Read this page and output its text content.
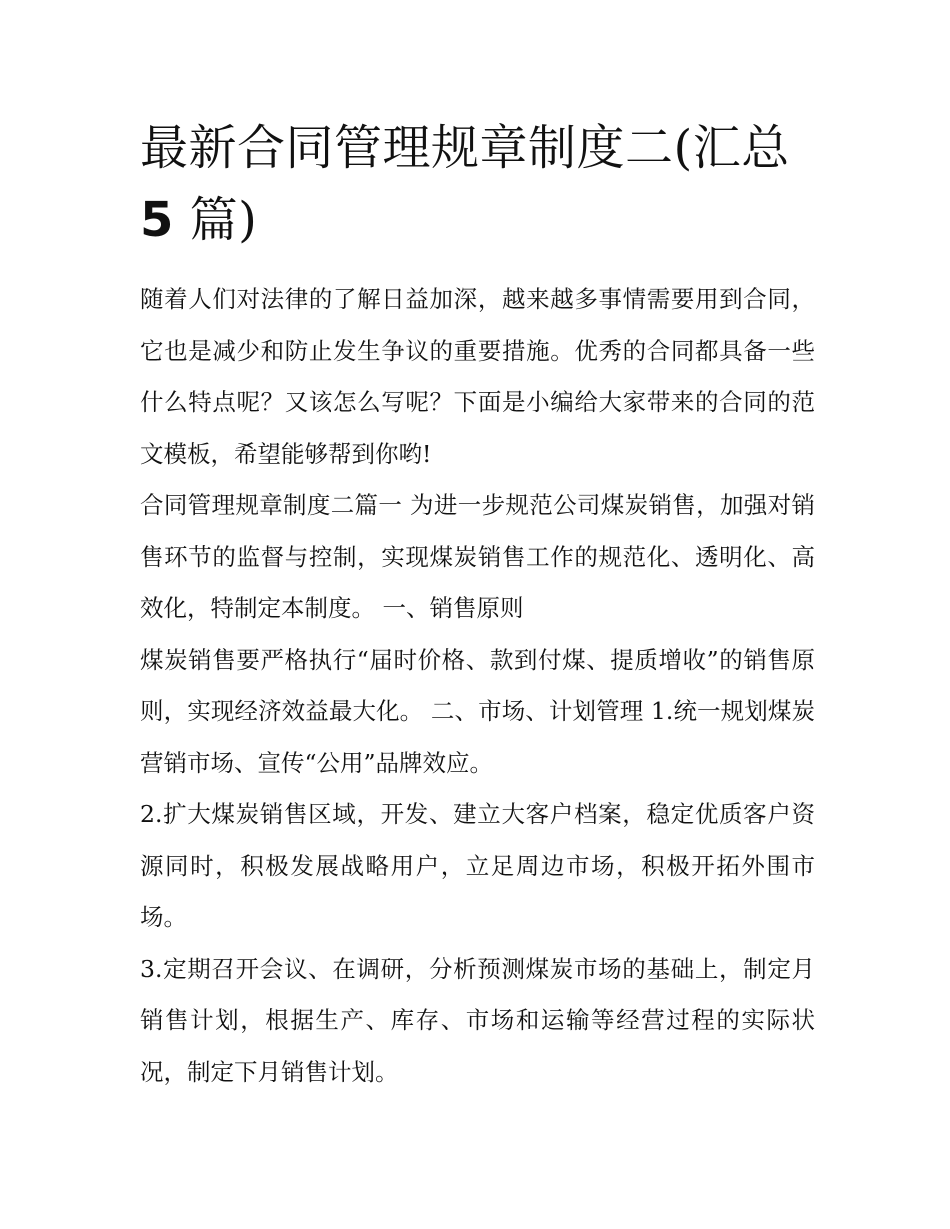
最新合同管理规章制度二(汇总
5 篇)

随着人们对法律的了解日益加深，越来越多事情需要用到合同，它也是减少和防止发生争议的重要措施。优秀的合同都具备一些什么特点呢？又该怎么写呢？下面是小编给大家带来的合同的范文模板，希望能够帮到你哟!

合同管理规章制度二篇一 为进一步规范公司煤炭销售，加强对销售环节的监督与控制，实现煤炭销售工作的规范化、透明化、高效化，特制定本制度。 一、销售原则

煤炭销售要严格执行“届时价格、款到付煤、提质增收”的销售原则，实现经济效益最大化。 二、市场、计划管理 1.统一规划煤炭营销市场、宣传“公用”品牌效应。

2.扩大煤炭销售区域，开发、建立大客户档案，稳定优质客户资源同时，积极发展战略用户，立足周边市场，积极开拓外围市场。

3.定期召开会议、在调研，分析预测煤炭市场的基础上，制定月销售计划，根据生产、库存、市场和运输等经营过程的实际状况，制定下月销售计划。
